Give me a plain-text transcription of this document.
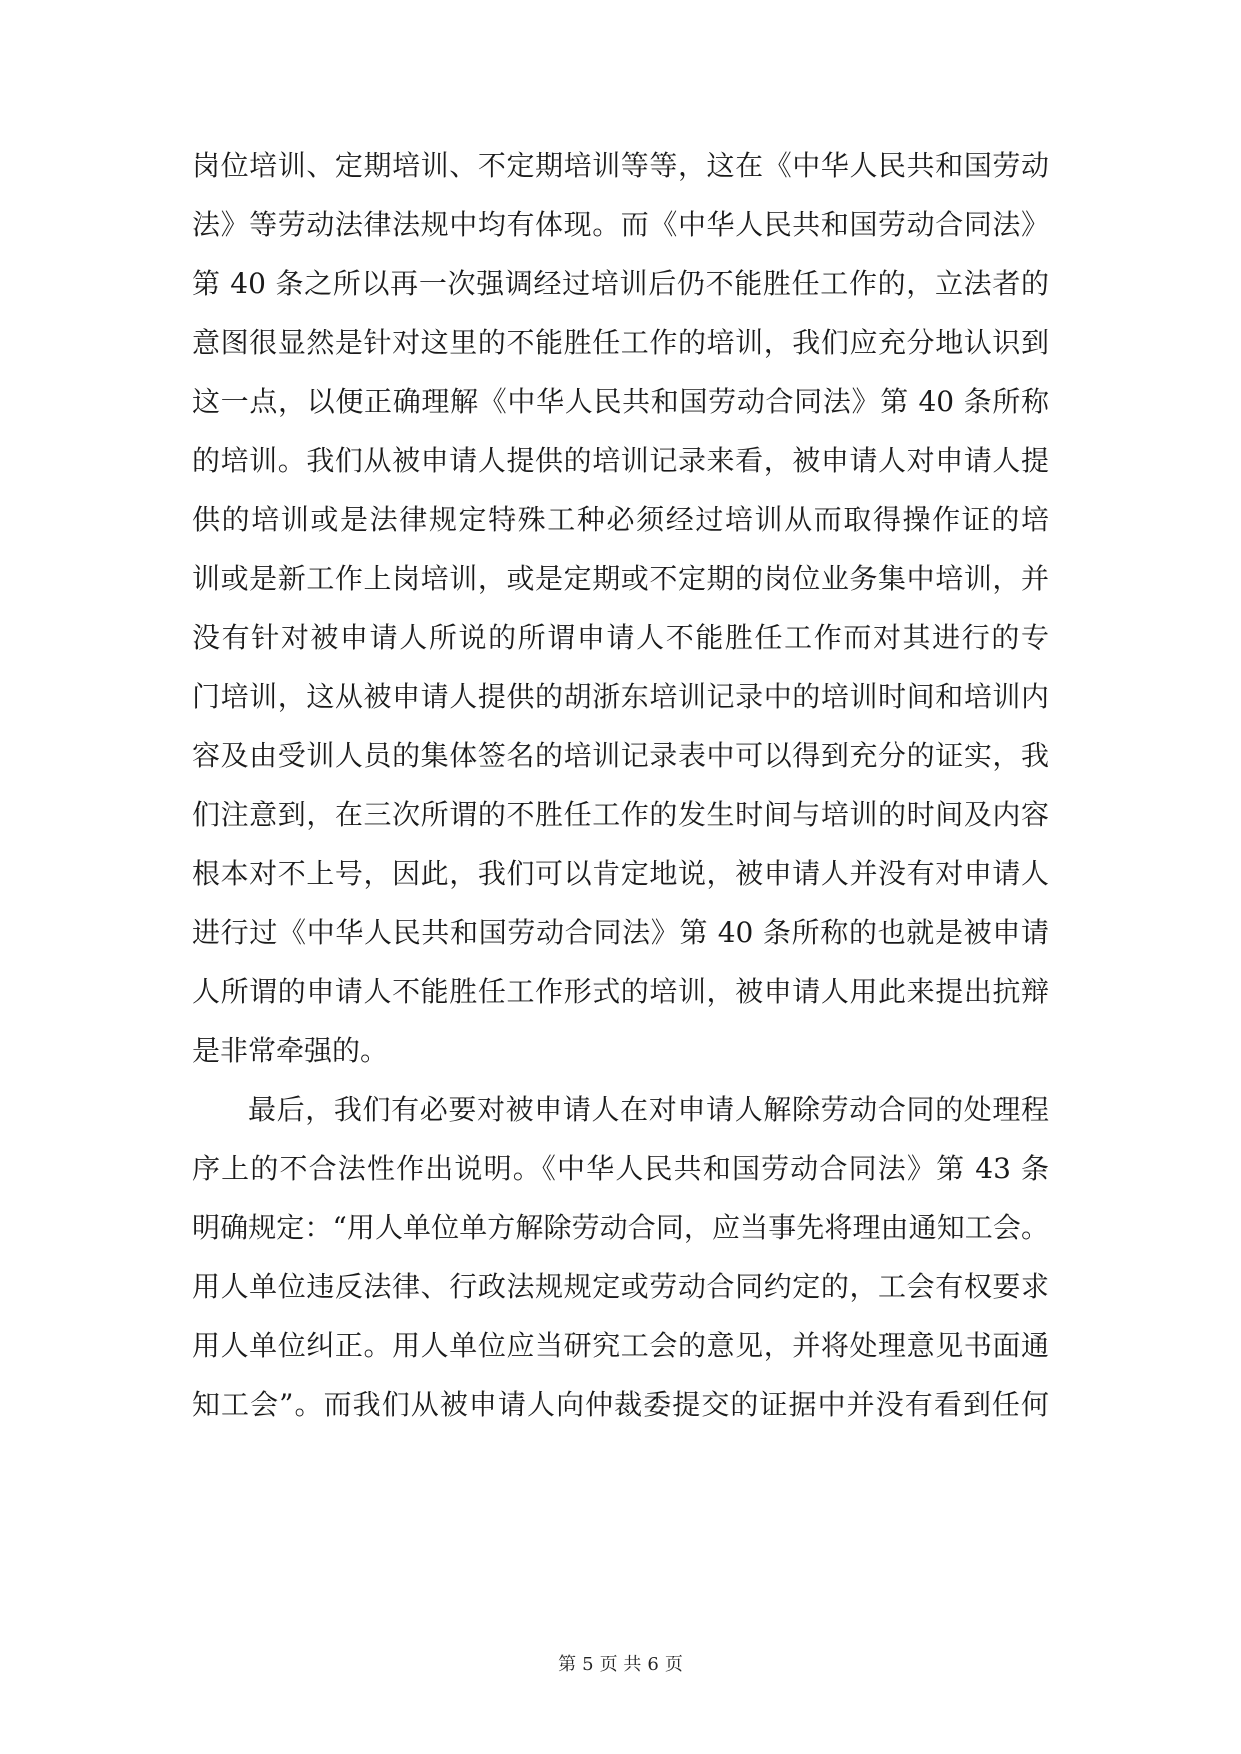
岗位培训、定期培训、不定期培训等等，这在《中华人民共和国劳动
法》等劳动法律法规中均有体现。而《中华人民共和国劳动合同法》
第 40 条之所以再一次强调经过培训后仍不能胜任工作的，立法者的
意图很显然是针对这里的不能胜任工作的培训，我们应充分地认识到
这一点，以便正确理解《中华人民共和国劳动合同法》第 40 条所称
的培训。我们从被申请人提供的培训记录来看，被申请人对申请人提
供的培训或是法律规定特殊工种必须经过培训从而取得操作证的培
训或是新工作上岗培训，或是定期或不定期的岗位业务集中培训，并
没有针对被申请人所说的所谓申请人不能胜任工作而对其进行的专
门培训，这从被申请人提供的胡浙东培训记录中的培训时间和培训内
容及由受训人员的集体签名的培训记录表中可以得到充分的证实，我
们注意到，在三次所谓的不胜任工作的发生时间与培训的时间及内容
根本对不上号，因此，我们可以肯定地说，被申请人并没有对申请人
进行过《中华人民共和国劳动合同法》第 40 条所称的也就是被申请
人所谓的申请人不能胜任工作形式的培训，被申请人用此来提出抗辩
是非常牵强的。
最后，我们有必要对被申请人在对申请人解除劳动合同的处理程
序上的不合法性作出说明。《中华人民共和国劳动合同法》第 43 条
明确规定：“用人单位单方解除劳动合同，应当事先将理由通知工会。
用人单位违反法律、行政法规规定或劳动合同约定的，工会有权要求
用人单位纠正。用人单位应当研究工会的意见，并将处理意见书面通
知工会”。而我们从被申请人向仲裁委提交的证据中并没有看到任何
第 5 页 共 6 页
